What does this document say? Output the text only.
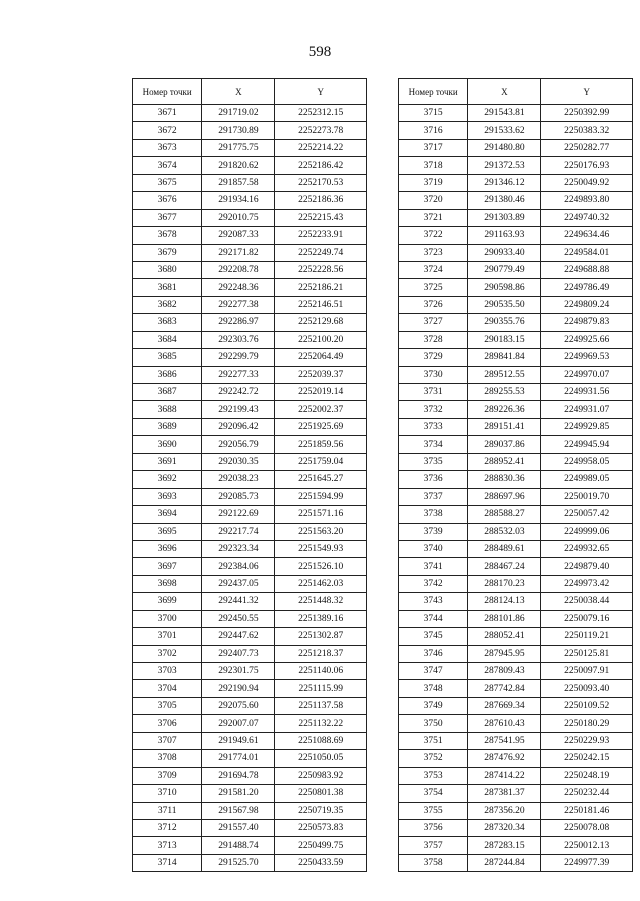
598
Номер точки	X	Y
3671	291719.02	2252312.15
3672	291730.89	2252273.78
3673	291775.75	2252214.22
3674	291820.62	2252186.42
3675	291857.58	2252170.53
3676	291934.16	2252186.36
3677	292010.75	2252215.43
3678	292087.33	2252233.91
3679	292171.82	2252249.74
3680	292208.78	2252228.56
3681	292248.36	2252186.21
3682	292277.38	2252146.51
3683	292286.97	2252129.68
3684	292303.76	2252100.20
3685	292299.79	2252064.49
3686	292277.33	2252039.37
3687	292242.72	2252019.14
3688	292199.43	2252002.37
3689	292096.42	2251925.69
3690	292056.79	2251859.56
3691	292030.35	2251759.04
3692	292038.23	2251645.27
3693	292085.73	2251594.99
3694	292122.69	2251571.16
3695	292217.74	2251563.20
3696	292323.34	2251549.93
3697	292384.06	2251526.10
3698	292437.05	2251462.03
3699	292441.32	2251448.32
3700	292450.55	2251389.16
3701	292447.62	2251302.87
3702	292407.73	2251218.37
3703	292301.75	2251140.06
3704	292190.94	2251115.99
3705	292075.60	2251137.58
3706	292007.07	2251132.22
3707	291949.61	2251088.69
3708	291774.01	2251050.05
3709	291694.78	2250983.92
3710	291581.20	2250801.38
3711	291567.98	2250719.35
3712	291557.40	2250573.83
3713	291488.74	2250499.75
3714	291525.70	2250433.59
Номер точки	X	Y
3715	291543.81	2250392.99
3716	291533.62	2250383.32
3717	291480.80	2250282.77
3718	291372.53	2250176.93
3719	291346.12	2250049.92
3720	291380.46	2249893.80
3721	291303.89	2249740.32
3722	291163.93	2249634.46
3723	290933.40	2249584.01
3724	290779.49	2249688.88
3725	290598.86	2249786.49
3726	290535.50	2249809.24
3727	290355.76	2249879.83
3728	290183.15	2249925.66
3729	289841.84	2249969.53
3730	289512.55	2249970.07
3731	289255.53	2249931.56
3732	289226.36	2249931.07
3733	289151.41	2249929.85
3734	289037.86	2249945.94
3735	288952.41	2249958.05
3736	288830.36	2249989.05
3737	288697.96	2250019.70
3738	288588.27	2250057.42
3739	288532.03	2249999.06
3740	288489.61	2249932.65
3741	288467.24	2249879.40
3742	288170.23	2249973.42
3743	288124.13	2250038.44
3744	288101.86	2250079.16
3745	288052.41	2250119.21
3746	287945.95	2250125.81
3747	287809.43	2250097.91
3748	287742.84	2250093.40
3749	287669.34	2250109.52
3750	287610.43	2250180.29
3751	287541.95	2250229.93
3752	287476.92	2250242.15
3753	287414.22	2250248.19
3754	287381.37	2250232.44
3755	287356.20	2250181.46
3756	287320.34	2250078.08
3757	287283.15	2250012.13
3758	287244.84	2249977.39
